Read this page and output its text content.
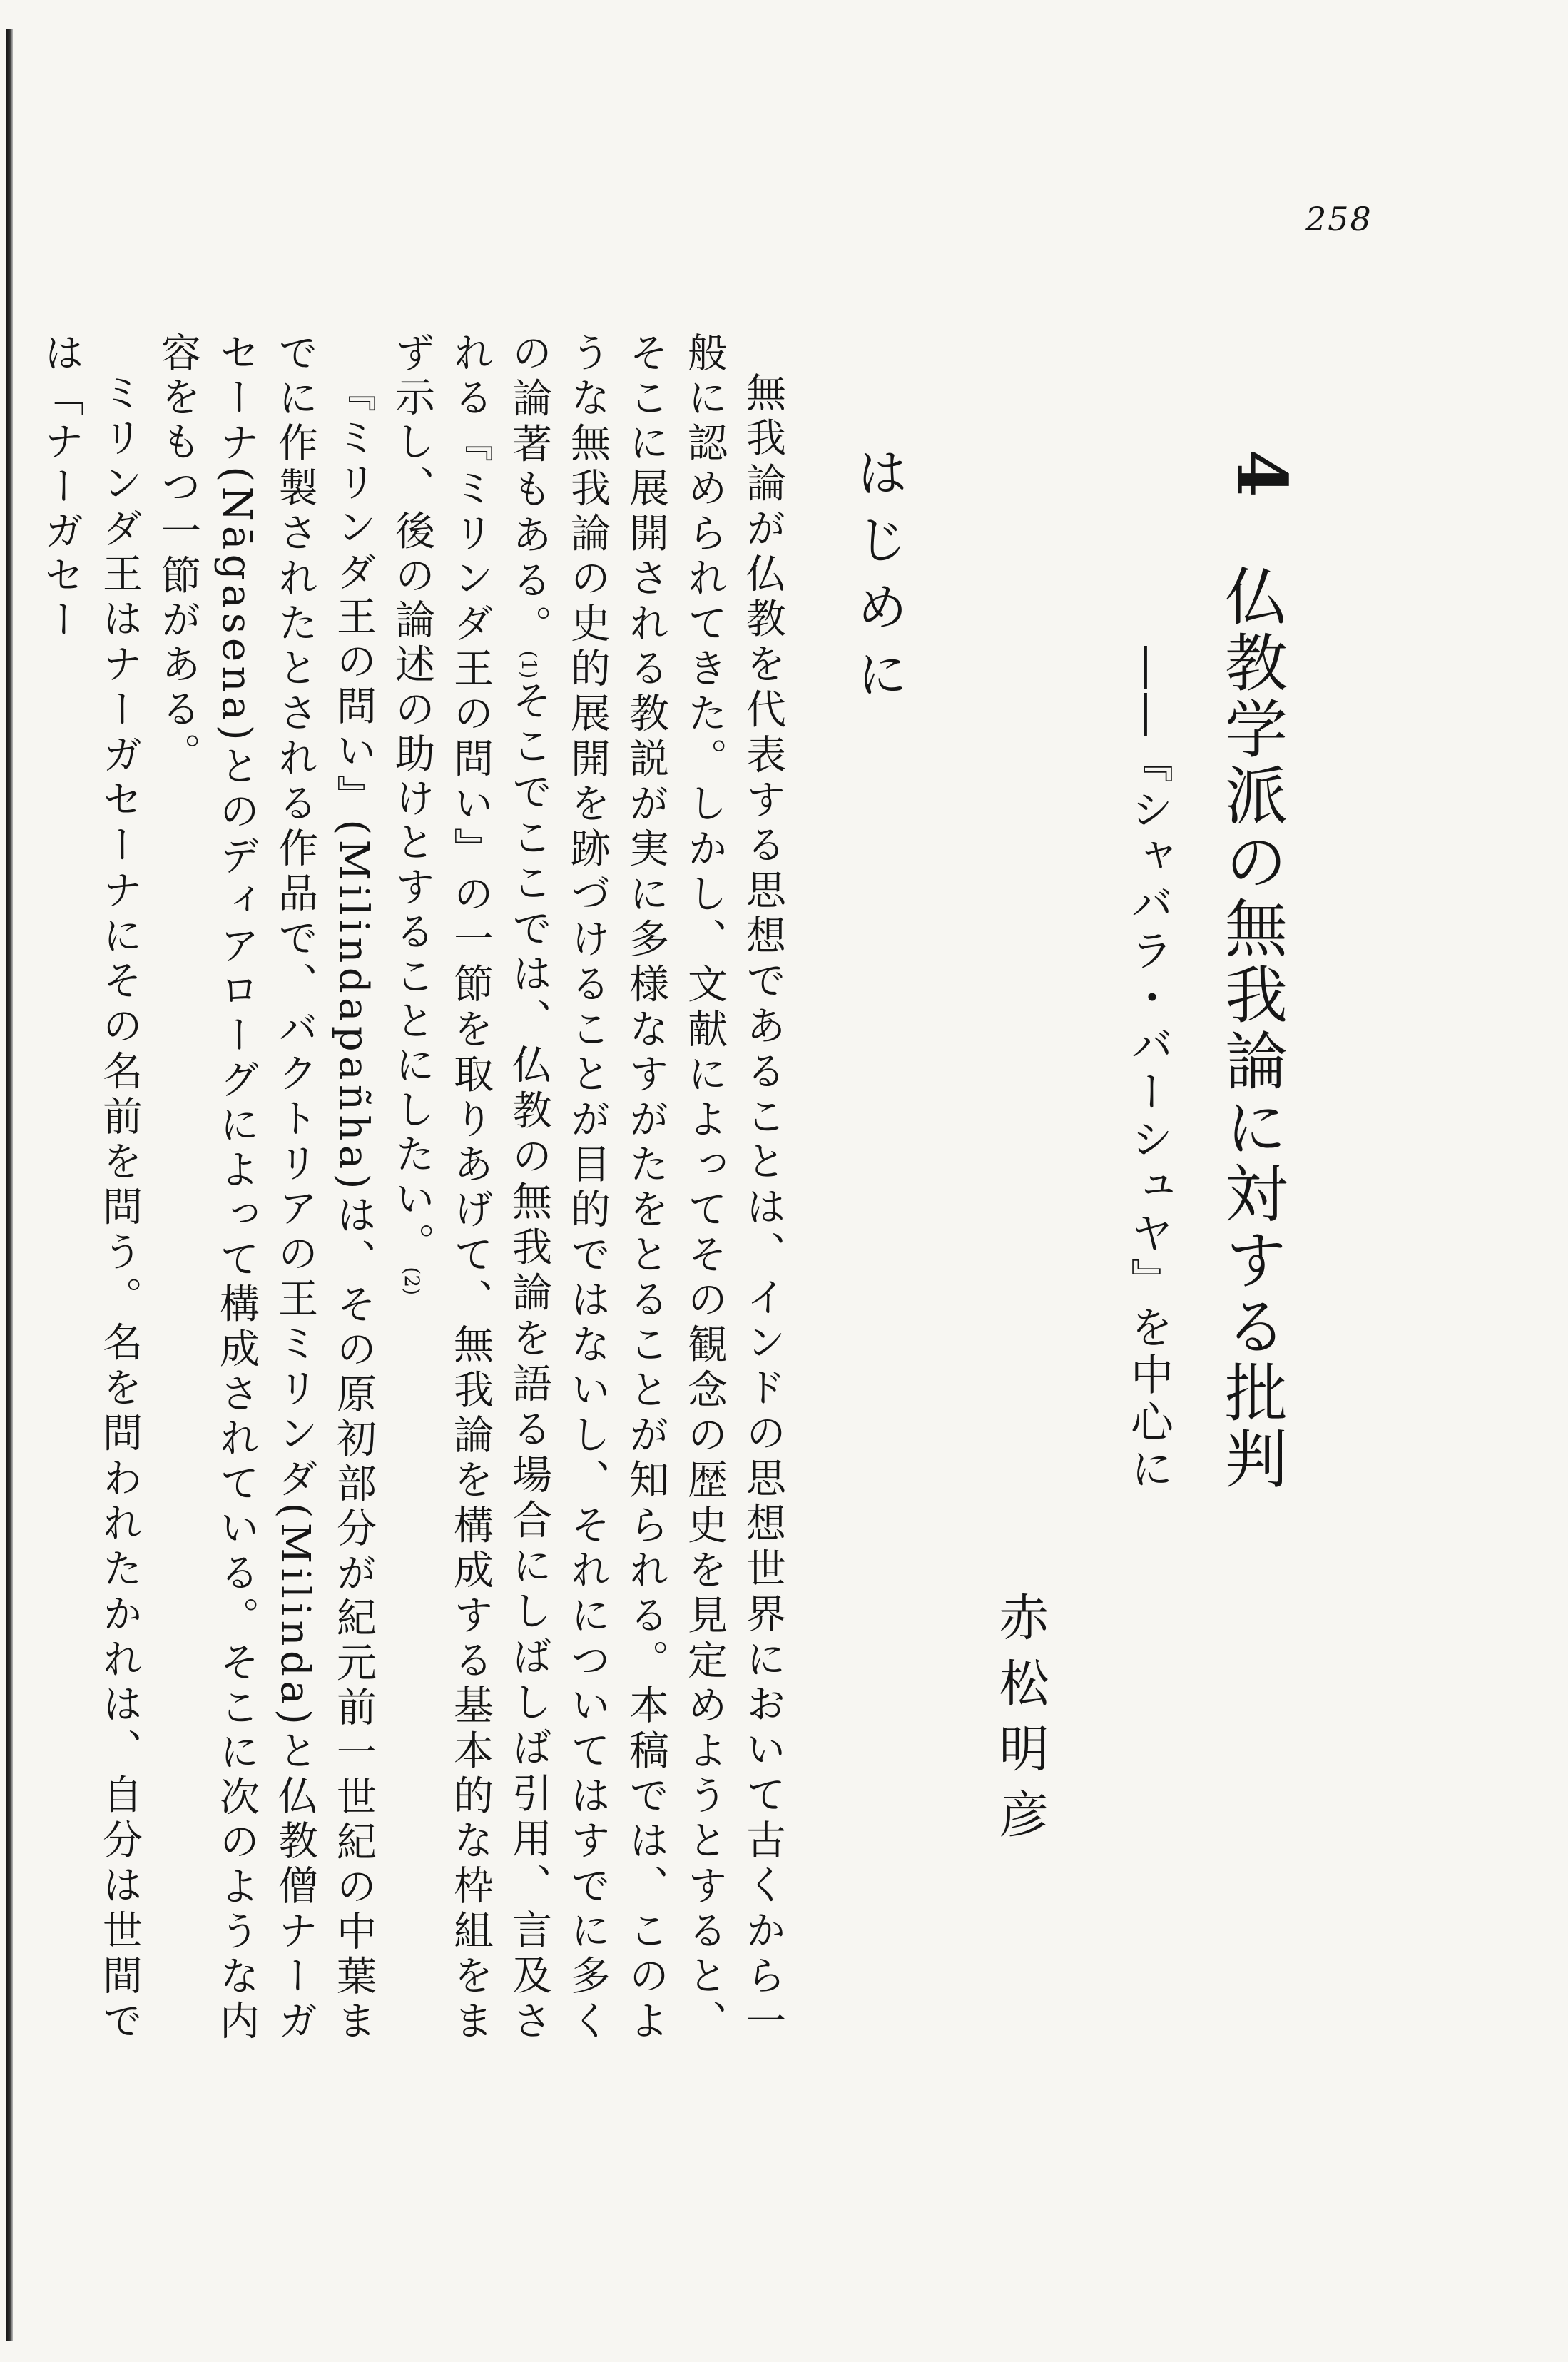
258
4
仏教学派の無我論に対する批判
――『シャバラ・バーシュヤ』を中心に
赤松明彦
はじめに

無我論が仏教を代表する思想であることは、インドの思想世界において古くから一般に認められてきた。しかし、文献によってその観念の歴史を見定めようとすると、そこに展開される教説が実に多様なすがたをとることが知られる。本稿では、このような無我論の史的展開を跡づけることが目的ではないし、それについてはすでに多くの論著もある。(1)そこでここでは、仏教の無我論を語る場合にしばしば引用、言及される『ミリンダ王の問い』の一節を取りあげて、無我論を構成する基本的な枠組をまず示し、後の論述の助けとすることにしたい。(2)

『ミリンダ王の問い』(Milindapañha)は、その原初部分が紀元前一世紀の中葉までに作製されたとされる作品で、バクトリアの王ミリンダ(Milinda)と仏教僧ナーガセーナ(Nāgasena)とのディアローグによって構成されている。そこに次のような内容をもつ一節がある。

ミリンダ王はナーガセーナにその名前を問う。名を問われたかれは、自分は世間では「ナーガセー
